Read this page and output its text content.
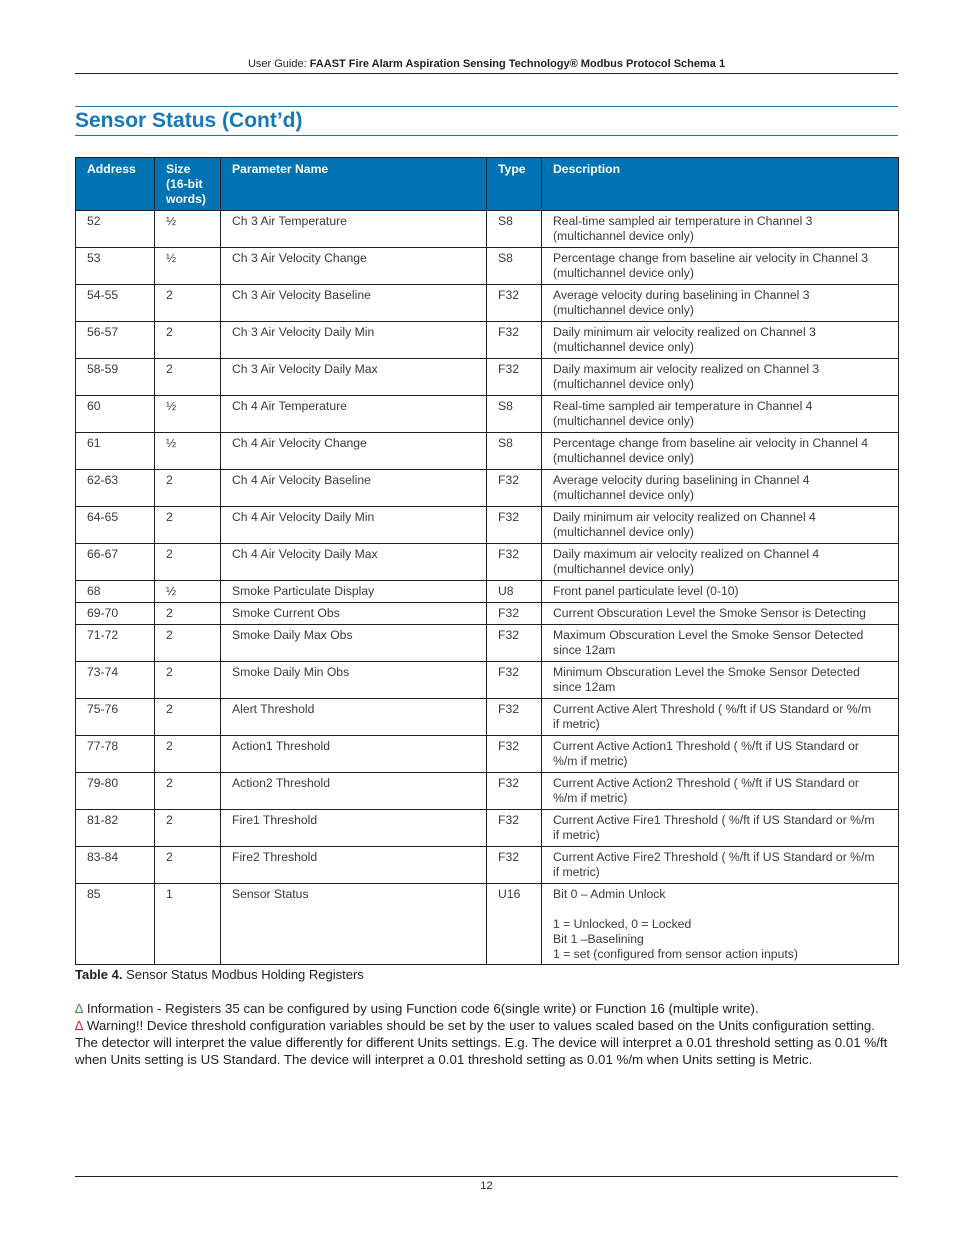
User Guide: FAAST Fire Alarm Aspiration Sensing Technology® Modbus Protocol Schema 1
Sensor Status (Cont’d)
Address	Size (16-bit words)	Parameter Name	Type	Description
52	½	Ch 3 Air Temperature	S8	Real-time sampled air temperature in Channel 3
(multichannel device only)

53	½	Ch 3 Air Velocity Change	S8	Percentage change from baseline air velocity in Channel 3
(multichannel device only)

54-55	2	Ch 3 Air Velocity Baseline	F32	Average velocity during baselining in Channel 3
(multichannel device only)

56-57	2	Ch 3 Air Velocity Daily Min	F32	Daily minimum air velocity realized on Channel 3
(multichannel device only)

58-59	2	Ch 3 Air Velocity Daily Max	F32	Daily maximum air velocity realized on Channel 3
(multichannel device only)

60	½	Ch 4 Air Temperature	S8	Real-time sampled air temperature in Channel 4
(multichannel device only)

61	½	Ch 4 Air Velocity Change	S8	Percentage change from baseline air velocity in Channel 4
(multichannel device only)

62-63	2	Ch 4 Air Velocity Baseline	F32	Average velocity during baselining in Channel 4
(multichannel device only)

64-65	2	Ch 4 Air Velocity Daily Min	F32	Daily minimum air velocity realized on Channel 4
(multichannel device only)

66-67	2	Ch 4 Air Velocity Daily Max	F32	Daily maximum air velocity realized on Channel 4
(multichannel device only)

68	½	Smoke Particulate Display	U8	Front panel particulate level (0-10)

69-70	2	Smoke Current Obs	F32	Current Obscuration Level the Smoke Sensor is Detecting

71-72	2	Smoke Daily Max Obs	F32	Maximum Obscuration Level the Smoke Sensor Detected
since 12am

73-74	2	Smoke Daily Min Obs	F32	Minimum Obscuration Level the Smoke Sensor Detected
since 12am

75-76	2	Alert Threshold	F32	Current Active Alert Threshold ( %/ft if US Standard or %/m
if metric)

77-78	2	Action1 Threshold	F32	Current Active Action1 Threshold ( %/ft if US Standard or
%/m if metric)

79-80	2	Action2 Threshold	F32	Current Active Action2 Threshold ( %/ft if US Standard or
%/m if metric)

81-82	2	Fire1 Threshold	F32	Current Active Fire1 Threshold ( %/ft if US Standard or %/m
if metric)

83-84	2	Fire2 Threshold	F32	Current Active Fire2 Threshold ( %/ft if US Standard or %/m
if metric)

85	1	Sensor Status	U16	Bit 0 – Admin Unlock

1 = Unlocked, 0 = Locked
Bit 1 –Baselining
1 = set (configured from sensor action inputs)
Table 4. Sensor Status Modbus Holding Registers

∆ Information - Registers 35 can be configured by using Function code 6(single write) or Function 16 (multiple write).

∆ Warning!! Device threshold configuration variables should be set by the user to values scaled based on the Units configuration setting. The detector will interpret the value differently for different Units settings. E.g. The device will interpret a 0.01 threshold setting as 0.01 %/ft when Units setting is US Standard. The device will interpret a 0.01 threshold setting as 0.01 %/m when Units setting is Metric.

12
